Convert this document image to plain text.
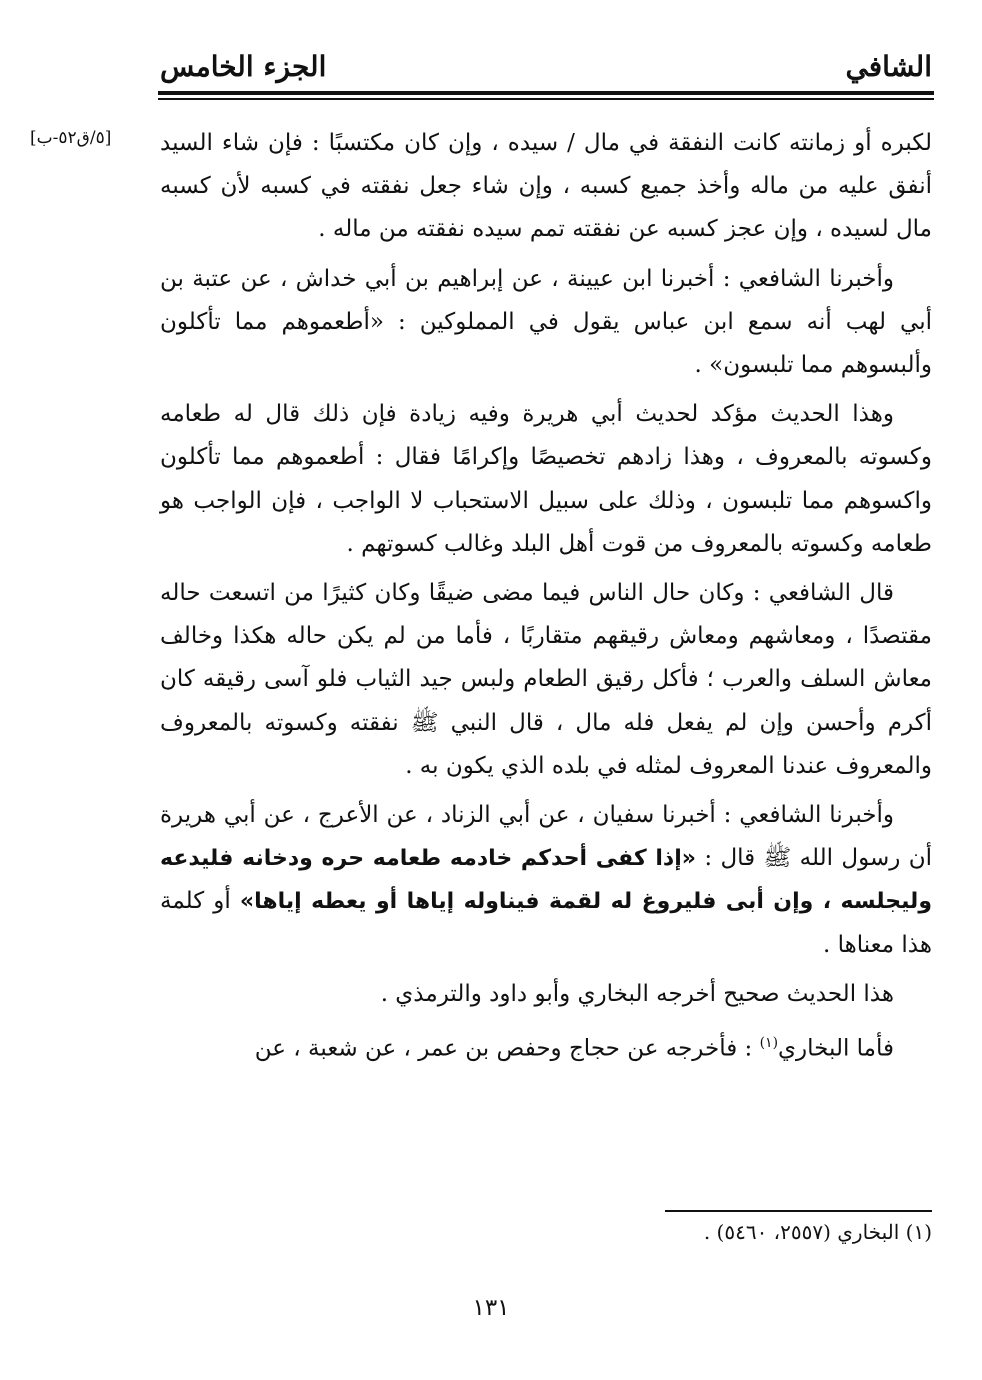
الشافي
الجزء الخامس
[٥/ق٥٢-ب]	لكبره أو زمانته كانت النفقة في مال / سيده ، وإن كان مكتسبًا : فإن شاء السيد أنفق عليه من ماله وأخذ جميع كسبه ، وإن شاء جعل نفقته في كسبه لأن كسبه مال لسيده ، وإن عجز كسبه عن نفقته تمم سيده نفقته من ماله .

وأخبرنا الشافعي : أخبرنا ابن عيينة ، عن إبراهيم بن أبي خداش ، عن عتبة بن أبي لهب أنه سمع ابن عباس يقول في المملوكين : «أطعموهم مما تأكلون وألبسوهم مما تلبسون» .

وهذا الحديث مؤكد لحديث أبي هريرة وفيه زيادة فإن ذلك قال له طعامه وكسوته بالمعروف ، وهذا زادهم تخصيصًا وإكرامًا فقال : أطعموهم مما تأكلون واكسوهم مما تلبسون ، وذلك على سبيل الاستحباب لا الواجب ، فإن الواجب هو طعامه وكسوته بالمعروف من قوت أهل البلد وغالب كسوتهم .

قال الشافعي : وكان حال الناس فيما مضى ضيقًا وكان كثيرًا من اتسعت حاله مقتصدًا ، ومعاشهم ومعاش رقيقهم متقاربًا ، فأما من لم يكن حاله هكذا وخالف معاش السلف والعرب ؛ فأكل رقيق الطعام ولبس جيد الثياب فلو آسى رقيقه كان أكرم وأحسن وإن لم يفعل فله مال ، قال النبي ﷺ نفقته وكسوته بالمعروف والمعروف عندنا المعروف لمثله في بلده الذي يكون به .

وأخبرنا الشافعي : أخبرنا سفيان ، عن أبي الزناد ، عن الأعرج ، عن أبي هريرة أن رسول الله ﷺ قال : «إذا كفى أحدكم خادمه طعامه حره ودخانه فليدعه وليجلسه ، وإن أبى فليروغ له لقمة فيناوله إياها أو يعطه إياها» أو كلمة هذا معناها .

هذا الحديث صحيح أخرجه البخاري وأبو داود والترمذي .

فأما البخاري$^{(١)}$ : فأخرجه عن حجاج وحفص بن عمر ، عن شعبة ، عن

(١) البخاري (٢٥٥٧، ٥٤٦٠) .
١٣١
